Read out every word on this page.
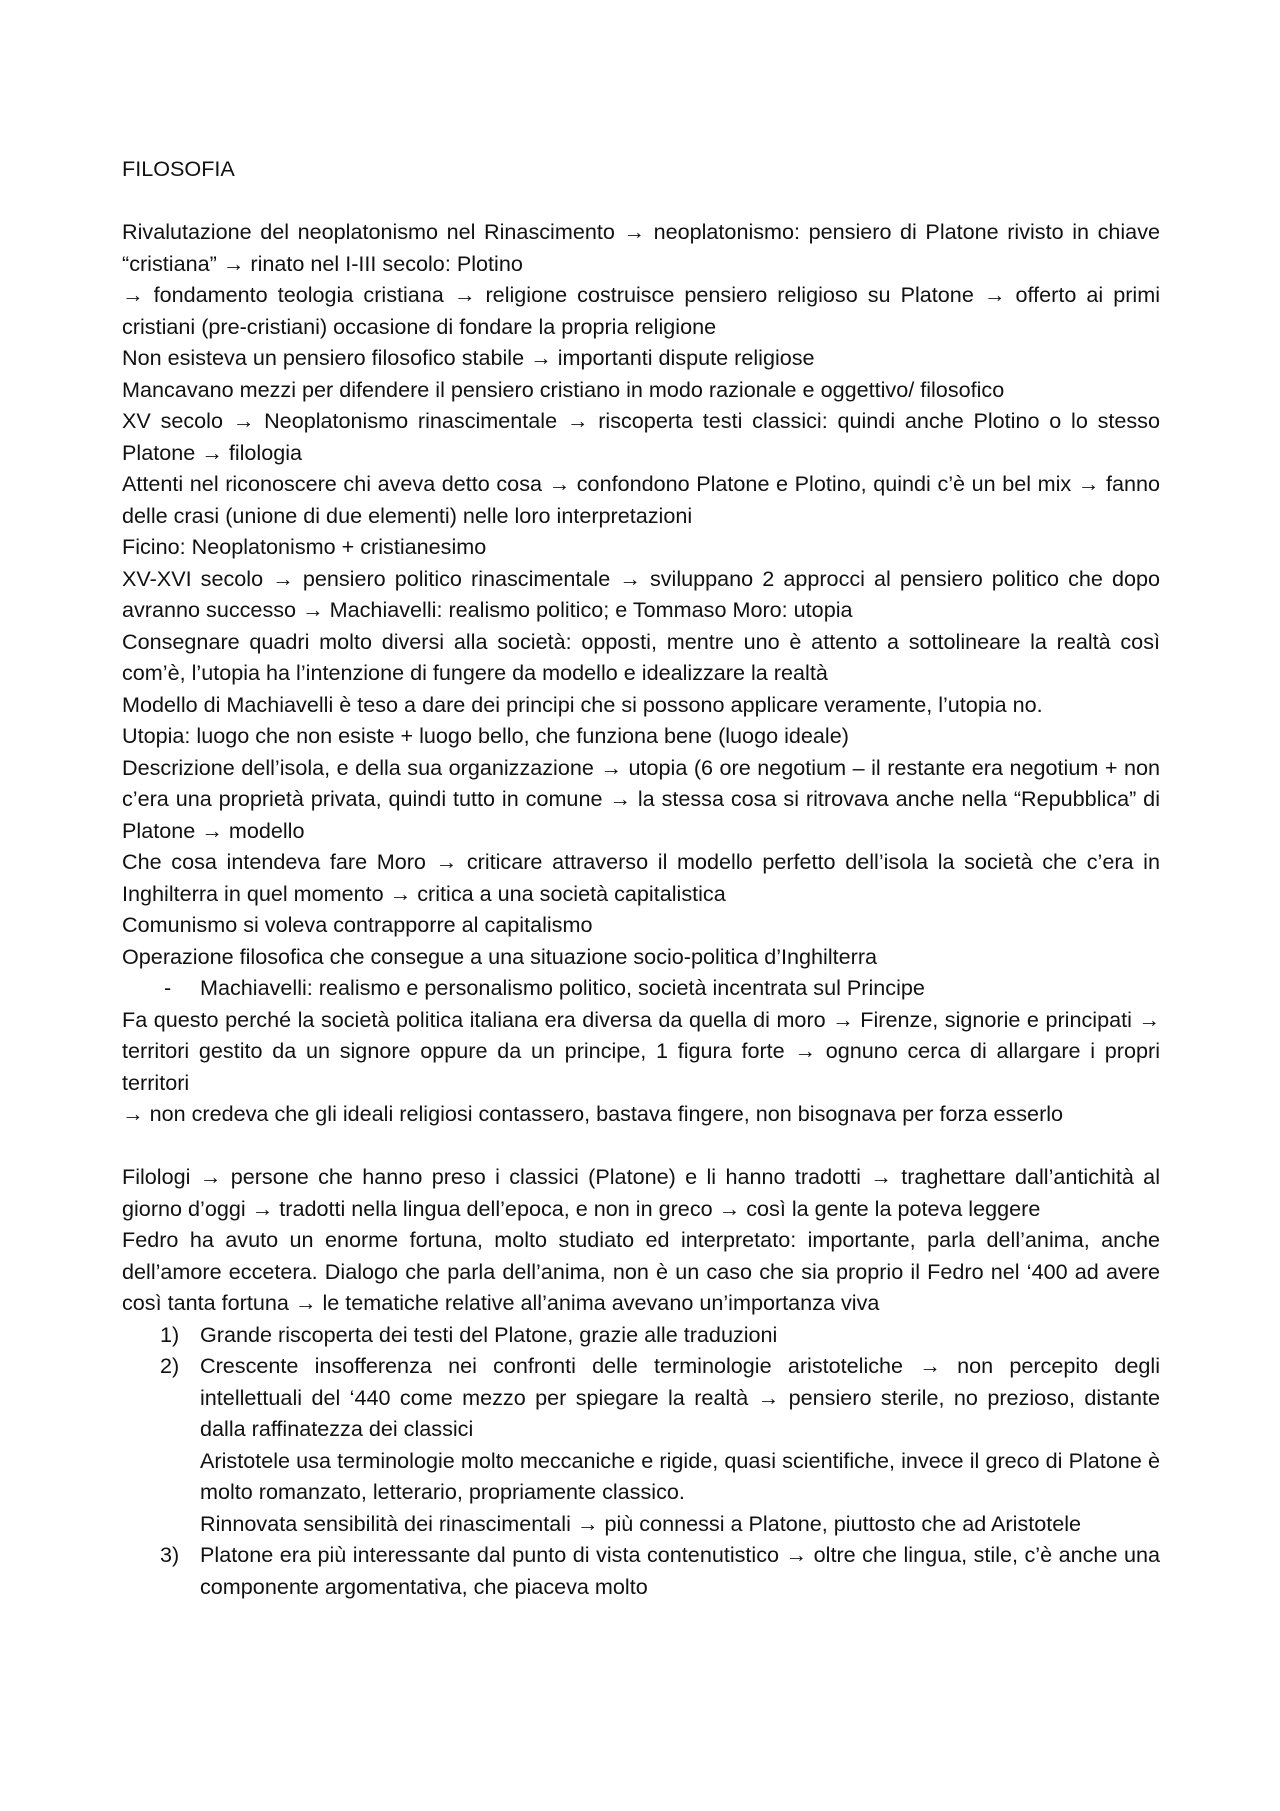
FILOSOFIA

Rivalutazione del neoplatonismo nel Rinascimento → neoplatonismo: pensiero di Platone rivisto in chiave “cristiana” → rinato nel I-III secolo: Plotino

→ fondamento teologia cristiana → religione costruisce pensiero religioso su Platone → offerto ai primi cristiani (pre-cristiani) occasione di fondare la propria religione

Non esisteva un pensiero filosofico stabile → importanti dispute religiose

Mancavano mezzi per difendere il pensiero cristiano in modo razionale e oggettivo/ filosofico

XV secolo → Neoplatonismo rinascimentale → riscoperta testi classici: quindi anche Plotino o lo stesso Platone → filologia

Attenti nel riconoscere chi aveva detto cosa → confondono Platone e Plotino, quindi c’è un bel mix → fanno delle crasi (unione di due elementi) nelle loro interpretazioni

Ficino: Neoplatonismo + cristianesimo

XV-XVI secolo → pensiero politico rinascimentale → sviluppano 2 approcci al pensiero politico che dopo avranno successo → Machiavelli: realismo politico; e Tommaso Moro: utopia

Consegnare quadri molto diversi alla società: opposti, mentre uno è attento a sottolineare la realtà così com’è, l’utopia ha l’intenzione di fungere da modello e idealizzare la realtà

Modello di Machiavelli è teso a dare dei principi che si possono applicare veramente, l’utopia no.

Utopia: luogo che non esiste + luogo bello, che funziona bene (luogo ideale)

Descrizione dell’isola, e della sua organizzazione → utopia (6 ore negotium – il restante era negotium + non c’era una proprietà privata, quindi tutto in comune → la stessa cosa si ritrovava anche nella “Repubblica” di Platone → modello

Che cosa intendeva fare Moro → criticare attraverso il modello perfetto dell’isola la società che c’era in Inghilterra in quel momento → critica a una società capitalistica

Comunismo si voleva contrapporre al capitalismo

Operazione filosofica che consegue a una situazione socio-politica d’Inghilterra

-	Machiavelli: realismo e personalismo politico, società incentrata sul Principe

Fa questo perché la società politica italiana era diversa da quella di moro → Firenze, signorie e principati → territori gestito da un signore oppure da un principe, 1 figura forte → ognuno cerca di allargare i propri territori

→ non credeva che gli ideali religiosi contassero, bastava fingere, non bisognava per forza esserlo

Filologi → persone che hanno preso i classici (Platone) e li hanno tradotti → traghettare dall’antichità al giorno d’oggi → tradotti nella lingua dell’epoca, e non in greco → così la gente la poteva leggere

Fedro ha avuto un enorme fortuna, molto studiato ed interpretato: importante, parla dell’anima, anche dell’amore eccetera. Dialogo che parla dell’anima, non è un caso che sia proprio il Fedro nel ‘400 ad avere così tanta fortuna → le tematiche relative all’anima avevano un’importanza viva

1) Grande riscoperta dei testi del Platone, grazie alle traduzioni

2) Crescente insofferenza nei confronti delle terminologie aristoteliche → non percepito degli intellettuali del ‘440 come mezzo per spiegare la realtà → pensiero sterile, no prezioso, distante dalla raffinatezza dei classici

Aristotele usa terminologie molto meccaniche e rigide, quasi scientifiche, invece il greco di Platone è molto romanzato, letterario, propriamente classico.

Rinnovata sensibilità dei rinascimentali → più connessi a Platone, piuttosto che ad Aristotele

3) Platone era più interessante dal punto di vista contenutistico → oltre che lingua, stile, c’è anche una componente argomentativa, che piaceva molto
